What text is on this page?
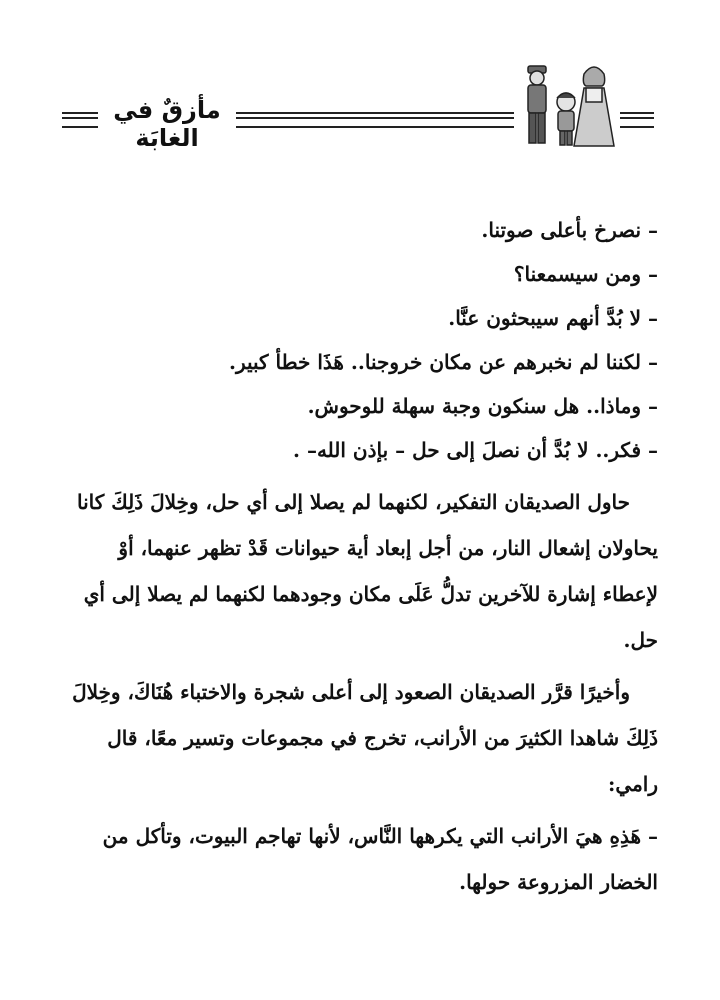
مأزقٌ في الغابَة
– نصرخ بأعلى صوتنا.
– ومن سيسمعنا؟
– لا بُدَّ أنهم سيبحثون عنَّا.
– لكننا لم نخبرهم عن مكان خروجنا.. هَذَا خطأ كبير.
– وماذا.. هل سنكون وجبة سهلة للوحوش.
– فكر.. لا بُدَّ أن نصلَ إلى حل – بإذن الله– .

حاول الصديقان التفكير، لكنهما لم يصلا إلى أي حل، وخِلالَ ذَلِكَ كانا يحاولان إشعال النار، من أجل إبعاد أية حيوانات قَدْ تظهر عنهما، أوْ لإعطاء إشارة للآخرين تدلُّ عَلَى مكان وجودهما لكنهما لم يصلا إلى أي حل.

وأخيرًا قرَّر الصديقان الصعود إلى أعلى شجرة والاختباء هُنَاكَ، وخِلالَ ذَلِكَ شاهدا الكثيرَ من الأرانب، تخرج في مجموعات وتسير معًا، قال رامي:

– هَذِهِ هيَ الأرانب التي يكرهها النَّاس، لأنها تهاجم البيوت، وتأكل من الخضار المزروعة حولها.
